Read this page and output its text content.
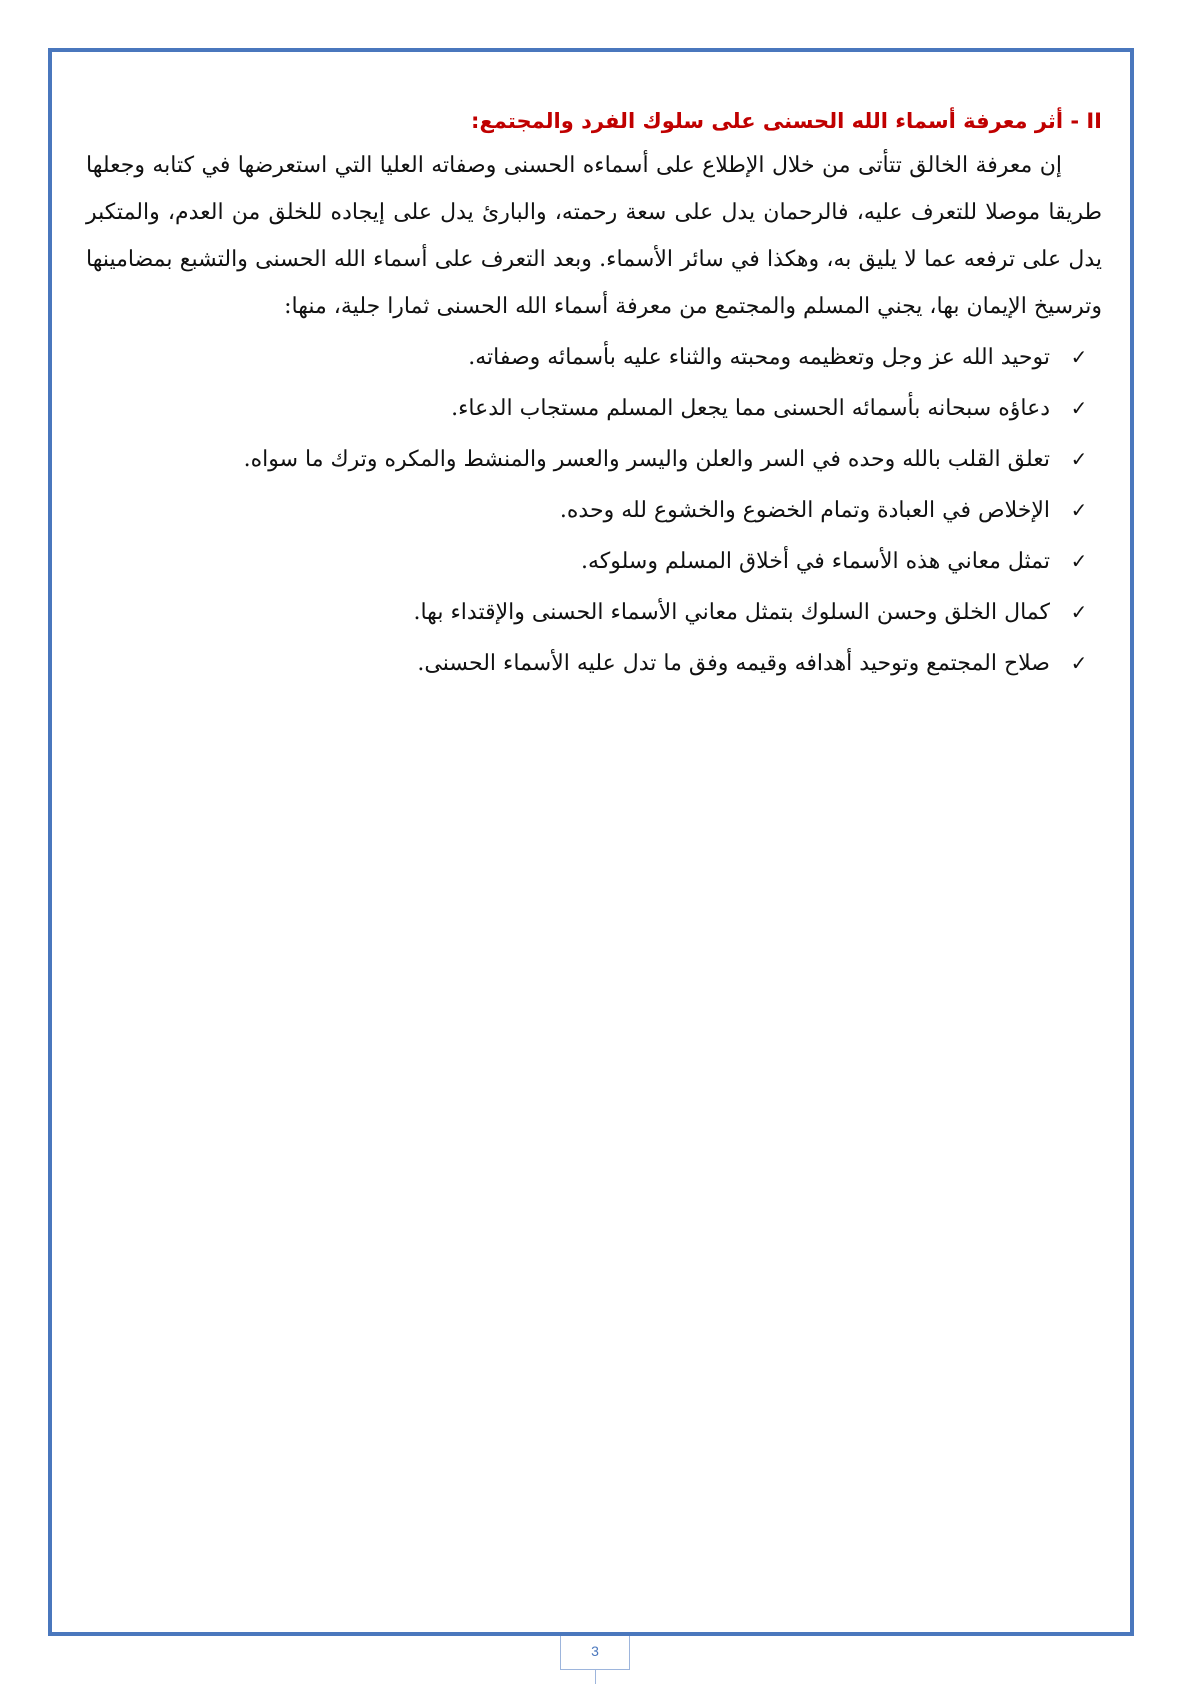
II - أثر معرفة أسماء الله الحسنى على سلوك الفرد والمجتمع:

إن معرفة الخالق تتأتى من خلال الإطلاع على أسماءه الحسنى وصفاته العليا التي استعرضها في كتابه وجعلها طريقا موصلا للتعرف عليه، فالرحمان يدل على سعة رحمته، والبارئ يدل على إيجاده للخلق من العدم، والمتكبر يدل على ترفعه عما لا يليق به، وهكذا في سائر الأسماء. وبعد التعرف على أسماء الله الحسنى والتشبع بمضامينها وترسيخ الإيمان بها، يجني المسلم والمجتمع من معرفة أسماء الله الحسنى ثمارا جلية، منها:

✓
توحيد الله عز وجل وتعظيمه ومحبته والثناء عليه بأسمائه وصفاته.
✓
دعاؤه سبحانه بأسمائه الحسنى مما يجعل المسلم مستجاب الدعاء.
✓
تعلق القلب بالله وحده في السر والعلن واليسر والعسر والمنشط والمكره وترك ما سواه.
✓
الإخلاص في العبادة وتمام الخضوع والخشوع لله وحده.
✓
تمثل معاني هذه الأسماء في أخلاق المسلم وسلوكه.
✓
كمال الخلق وحسن السلوك بتمثل معاني الأسماء الحسنى والإقتداء بها.
✓
صلاح المجتمع وتوحيد أهدافه وقيمه وفق ما تدل عليه الأسماء الحسنى.
3
